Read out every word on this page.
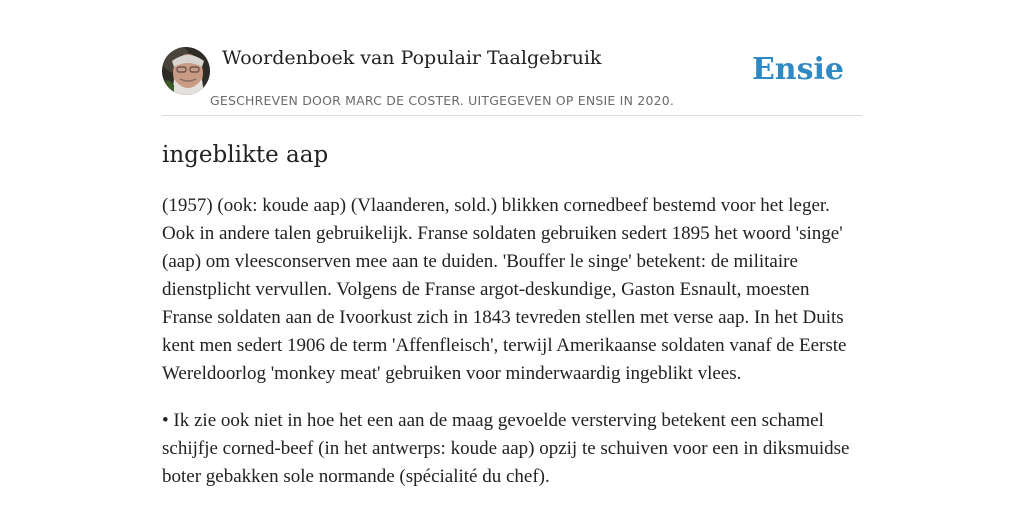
Woordenboek van Populair Taalgebruik
GESCHREVEN DOOR MARC DE COSTER. UITGEGEVEN OP ENSIE IN 2020.
Ensie
ingeblikte aap

(1957) (ook: koude aap) (Vlaanderen, sold.) blikken cornedbeef bestemd voor het leger. Ook in andere talen gebruikelijk. Franse soldaten gebruiken sedert 1895 het woord 'singe' (aap) om vleesconserven mee aan te duiden. 'Bouffer le singe' betekent: de militaire dienstplicht vervullen. Volgens de Franse argot-deskundige, Gaston Esnault, moesten Franse soldaten aan de Ivoorkust zich in 1843 tevreden stellen met verse aap. In het Duits kent men sedert 1906 de term 'Affenfleisch', terwijl Amerikaanse soldaten vanaf de Eerste Wereldoorlog 'monkey meat' gebruiken voor minderwaardig ingeblikt vlees.

• Ik zie ook niet in hoe het een aan de maag gevoelde versterving betekent een schamel schijfje corned-beef (in het antwerps: koude aap) opzij te schuiven voor een in diksmuidse boter gebakken sole normande (spécialité du chef).
